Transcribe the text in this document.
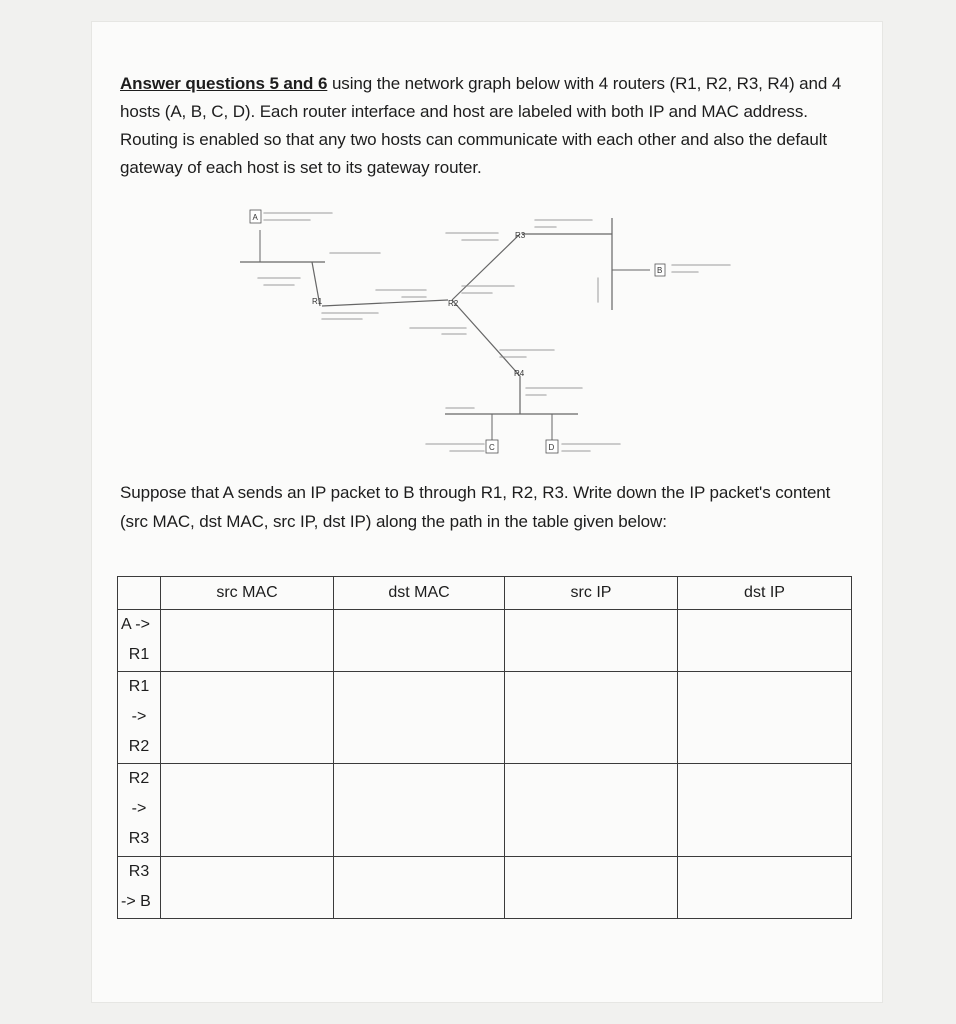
Answer questions 5 and 6 using the network graph below with 4 routers (R1, R2, R3, R4) and 4 hosts (A, B, C, D). Each router interface and host are labeled with both IP and MAC address. Routing is enabled so that any two hosts can communicate with each other and also the default gateway of each host is set to its gateway router.
A
B
C	D
R1	R2
R3
R4
Suppose that A sends an IP packet to B through R1, R2, R3. Write down the IP packet's content (src MAC, dst MAC, src IP, dst IP) along the path in the table given below:
	src MAC	dst MAC	src IP	dst IP

A ->
R1				

R1
->
R2				

R2
->
R3				

R3
-> B				
